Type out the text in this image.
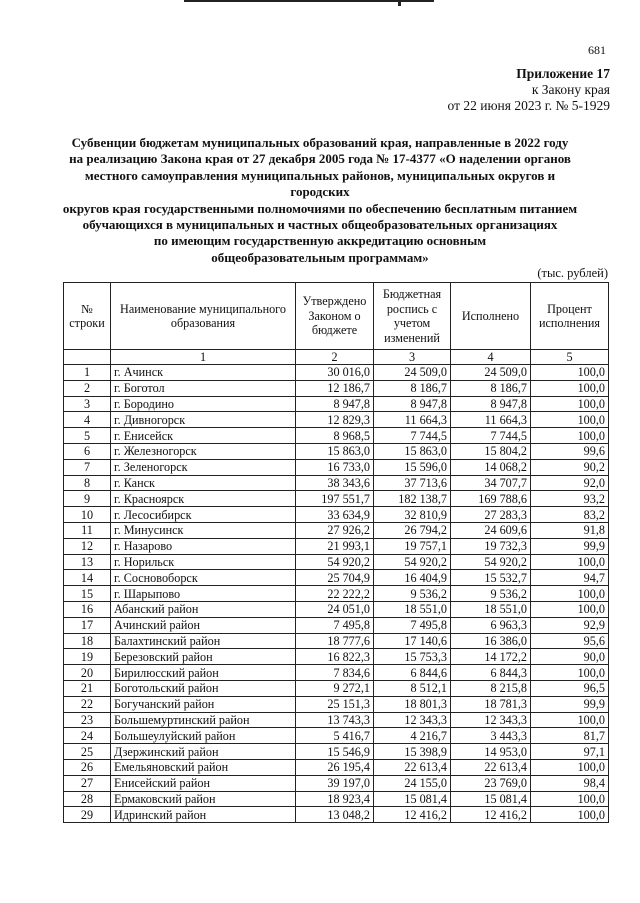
681
Приложение 17
к Закону края
от 22 июня 2023 г. № 5-1929
Субвенции бюджетам муниципальных образований края, направленные в 2022 году
на реализацию Закона края от 27 декабря 2005 года № 17-4377 «О наделении органов
местного самоуправления муниципальных районов, муниципальных округов и городских
округов края государственными полномочиями по обеспечению бесплатным питанием
обучающихся в муниципальных и частных общеобразовательных организациях
по имеющим государственную аккредитацию основным
общеобразовательным программам»
(тыс. рублей)
№ строки	Наименование муниципального образования	Утверждено Законом о бюджете	Бюджетная роспись с учетом изменений	Исполнено	Процент исполнения
	1	2	3	4	5
1	г. Ачинск	30 016,0	24 509,0	24 509,0	100,0
2	г. Боготол	12 186,7	8 186,7	8 186,7	100,0
3	г. Бородино	8 947,8	8 947,8	8 947,8	100,0
4	г. Дивногорск	12 829,3	11 664,3	11 664,3	100,0
5	г. Енисейск	8 968,5	7 744,5	7 744,5	100,0
6	г. Железногорск	15 863,0	15 863,0	15 804,2	99,6
7	г. Зеленогорск	16 733,0	15 596,0	14 068,2	90,2
8	г. Канск	38 343,6	37 713,6	34 707,7	92,0
9	г. Красноярск	197 551,7	182 138,7	169 788,6	93,2
10	г. Лесосибирск	33 634,9	32 810,9	27 283,3	83,2
11	г. Минусинск	27 926,2	26 794,2	24 609,6	91,8
12	г. Назарово	21 993,1	19 757,1	19 732,3	99,9
13	г. Норильск	54 920,2	54 920,2	54 920,2	100,0
14	г. Сосновоборск	25 704,9	16 404,9	15 532,7	94,7
15	г. Шарыпово	22 222,2	9 536,2	9 536,2	100,0
16	Абанский район	24 051,0	18 551,0	18 551,0	100,0
17	Ачинский район	7 495,8	7 495,8	6 963,3	92,9
18	Балахтинский район	18 777,6	17 140,6	16 386,0	95,6
19	Березовский район	16 822,3	15 753,3	14 172,2	90,0
20	Бирилюсский район	7 834,6	6 844,6	6 844,3	100,0
21	Боготольский район	9 272,1	8 512,1	8 215,8	96,5
22	Богучанский район	25 151,3	18 801,3	18 781,3	99,9
23	Большемуртинский район	13 743,3	12 343,3	12 343,3	100,0
24	Большеулуйский район	5 416,7	4 216,7	3 443,3	81,7
25	Дзержинский район	15 546,9	15 398,9	14 953,0	97,1
26	Емельяновский район	26 195,4	22 613,4	22 613,4	100,0
27	Енисейский район	39 197,0	24 155,0	23 769,0	98,4
28	Ермаковский район	18 923,4	15 081,4	15 081,4	100,0
29	Идринский район	13 048,2	12 416,2	12 416,2	100,0
